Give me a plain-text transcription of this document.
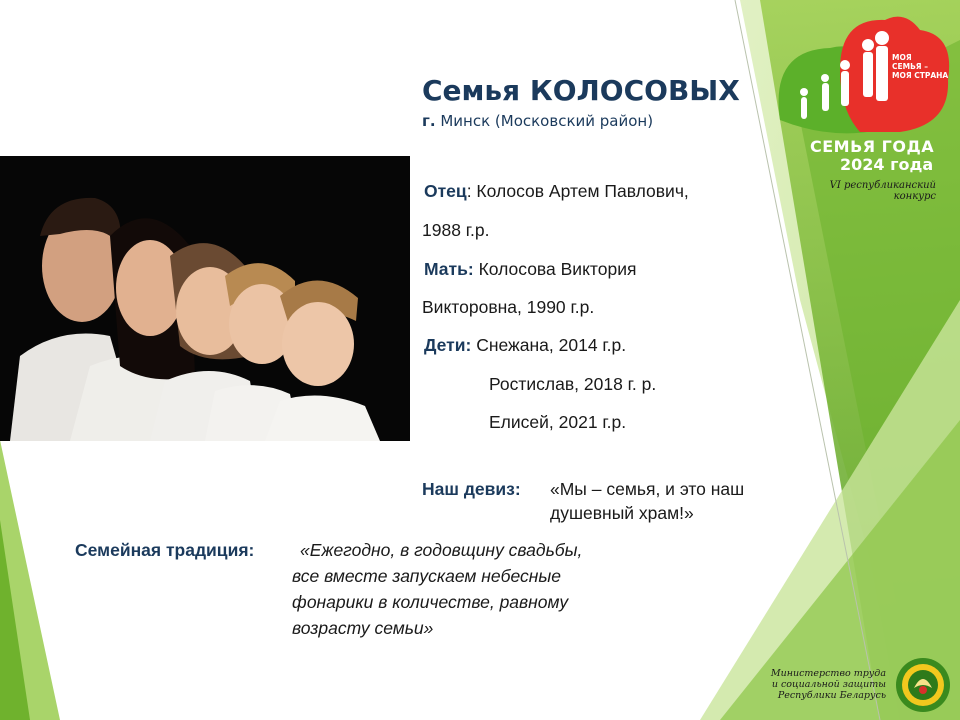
Семья КОЛОСОВЫХ
г. Минск (Московский район)
Отец: Колосов Артем Павлович,
1988 г.р.
Мать: Колосова Виктория
Викторовна, 1990 г.р.
Дети: Снежана, 2014 г.р.
Ростислав, 2018 г. р.
Елисей, 2021 г.р.
Наш девиз: «Мы – семья, и это наш
душевный храм!»
Семейная традиция:	«Ежегодно, в годовщину свадьбы,
все вместе запускаем небесные
фонарики в количестве, равному
возрасту семьи»
МОЯ
СЕМЬЯ –
МОЯ СТРАНА
СЕМЬЯ ГОДА
2024 года
VI республиканский
конкурс
Министерство труда
и социальной защиты
Республики Беларусь
